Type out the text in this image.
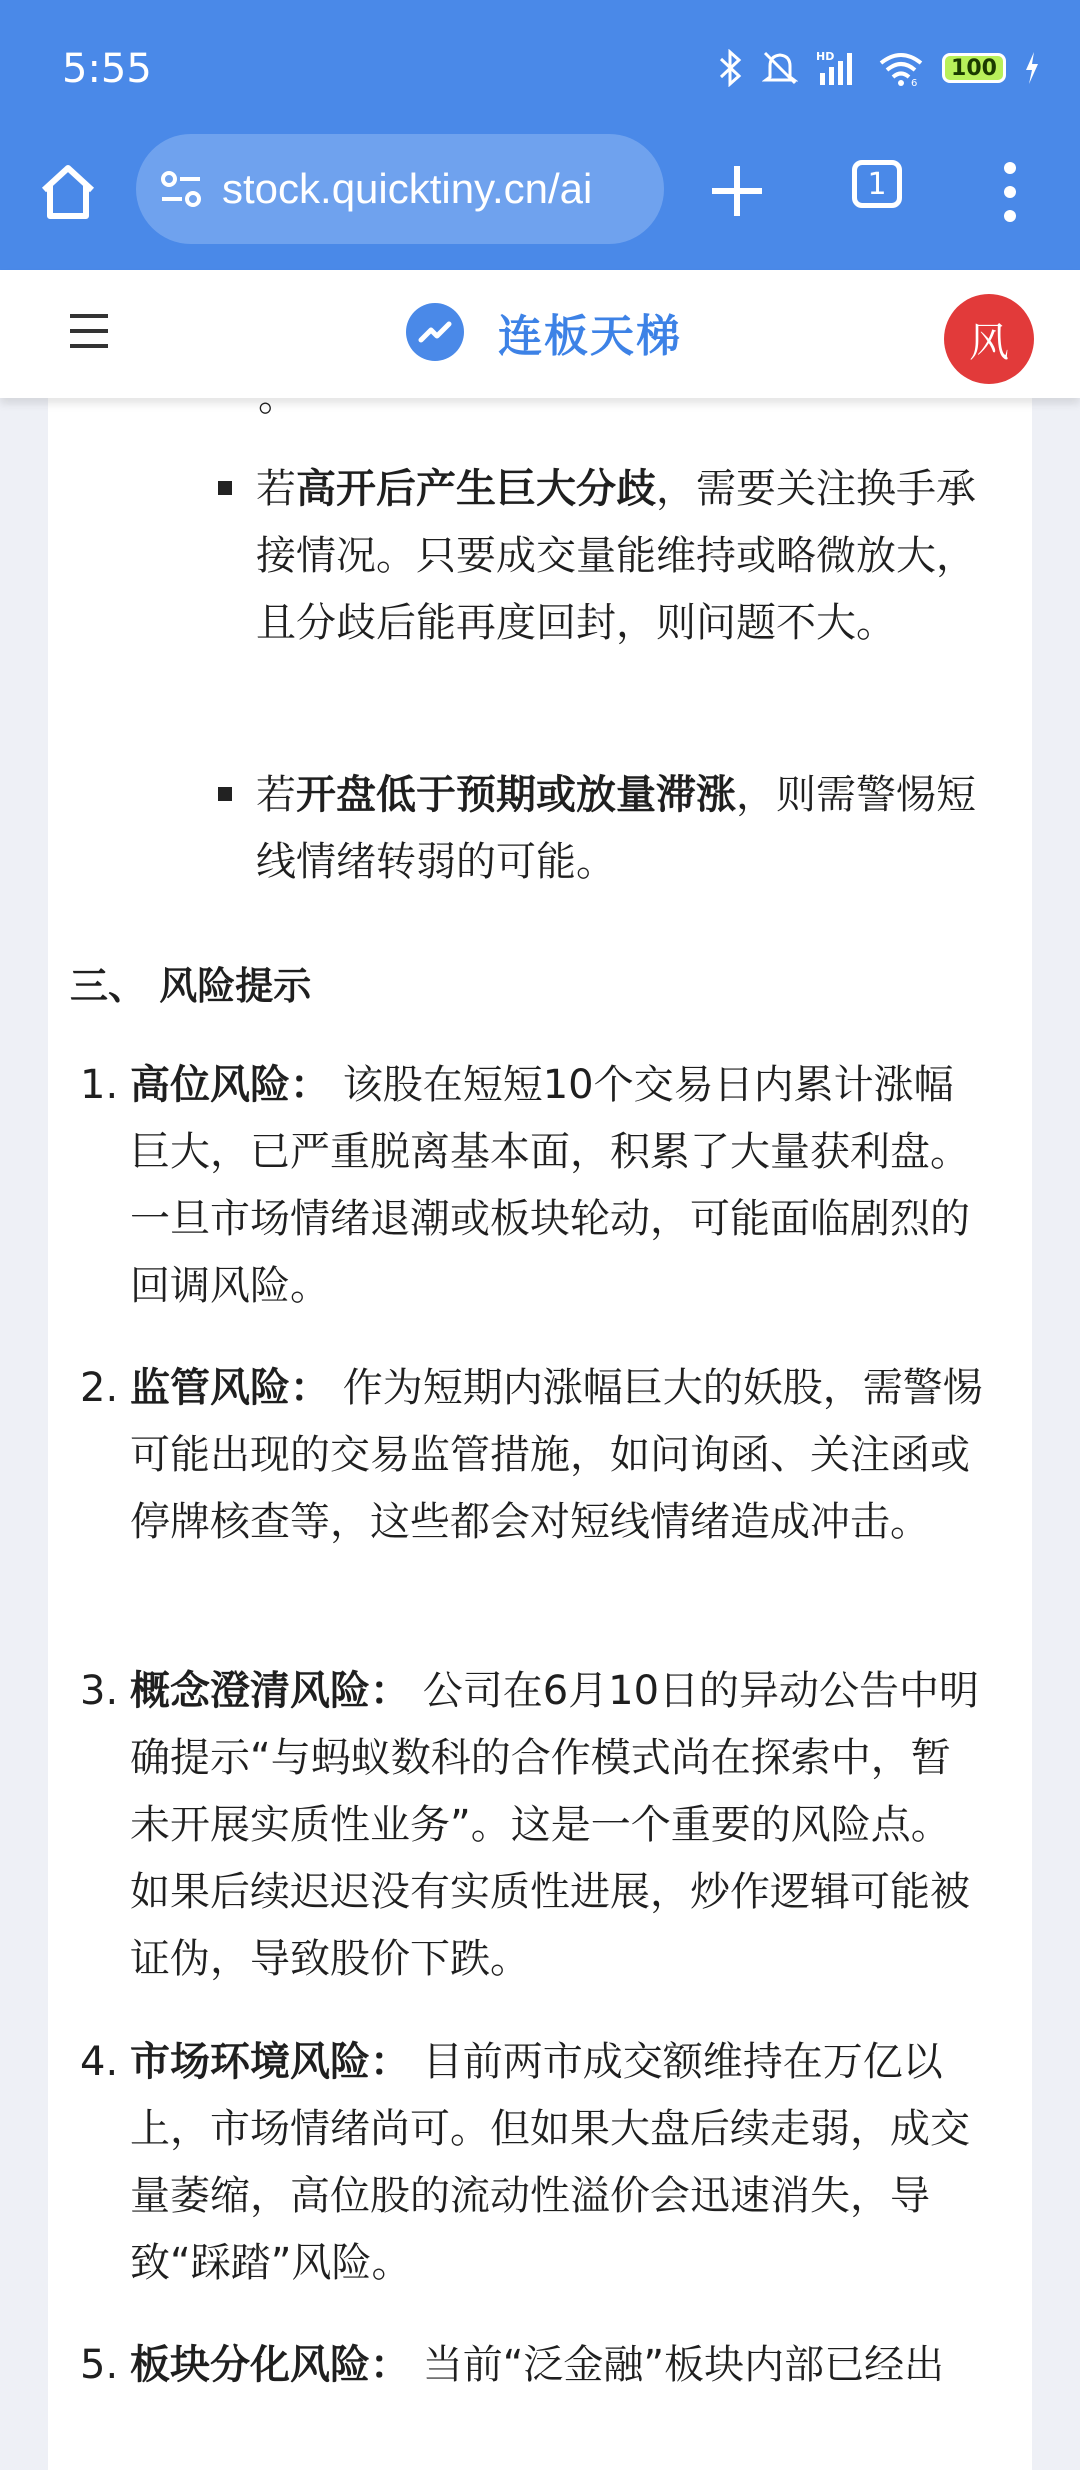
5:55	HD
6
100
stock.quicktiny.cn/ai	1
连板天梯	风
若高开后产生巨大分歧，需要关注换手承接情况。只要成交量能维持或略微放大，且分歧后能再度回封，则问题不大。
若开盘低于预期或放量滞涨，则需警惕短线情绪转弱的可能。
三、 风险提示
1. 高位风险： 该股在短短10个交易日内累计涨幅巨大，已严重脱离基本面，积累了大量获利盘。一旦市场情绪退潮或板块轮动，可能面临剧烈的回调风险。
2. 监管风险： 作为短期内涨幅巨大的妖股，需警惕可能出现的交易监管措施，如问询函、关注函或停牌核查等，这些都会对短线情绪造成冲击。
3. 概念澄清风险： 公司在6月10日的异动公告中明确提示“与蚂蚁数科的合作模式尚在探索中，暂未开展实质性业务”。这是一个重要的风险点。如果后续迟迟没有实质性进展，炒作逻辑可能被证伪，导致股价下跌。
4. 市场环境风险： 目前两市成交额维持在万亿以上，市场情绪尚可。但如果大盘后续走弱，成交量萎缩，高位股的流动性溢价会迅速消失，导致“踩踏”风险。
5. 板块分化风险： 当前“泛金融”板块内部已经出
